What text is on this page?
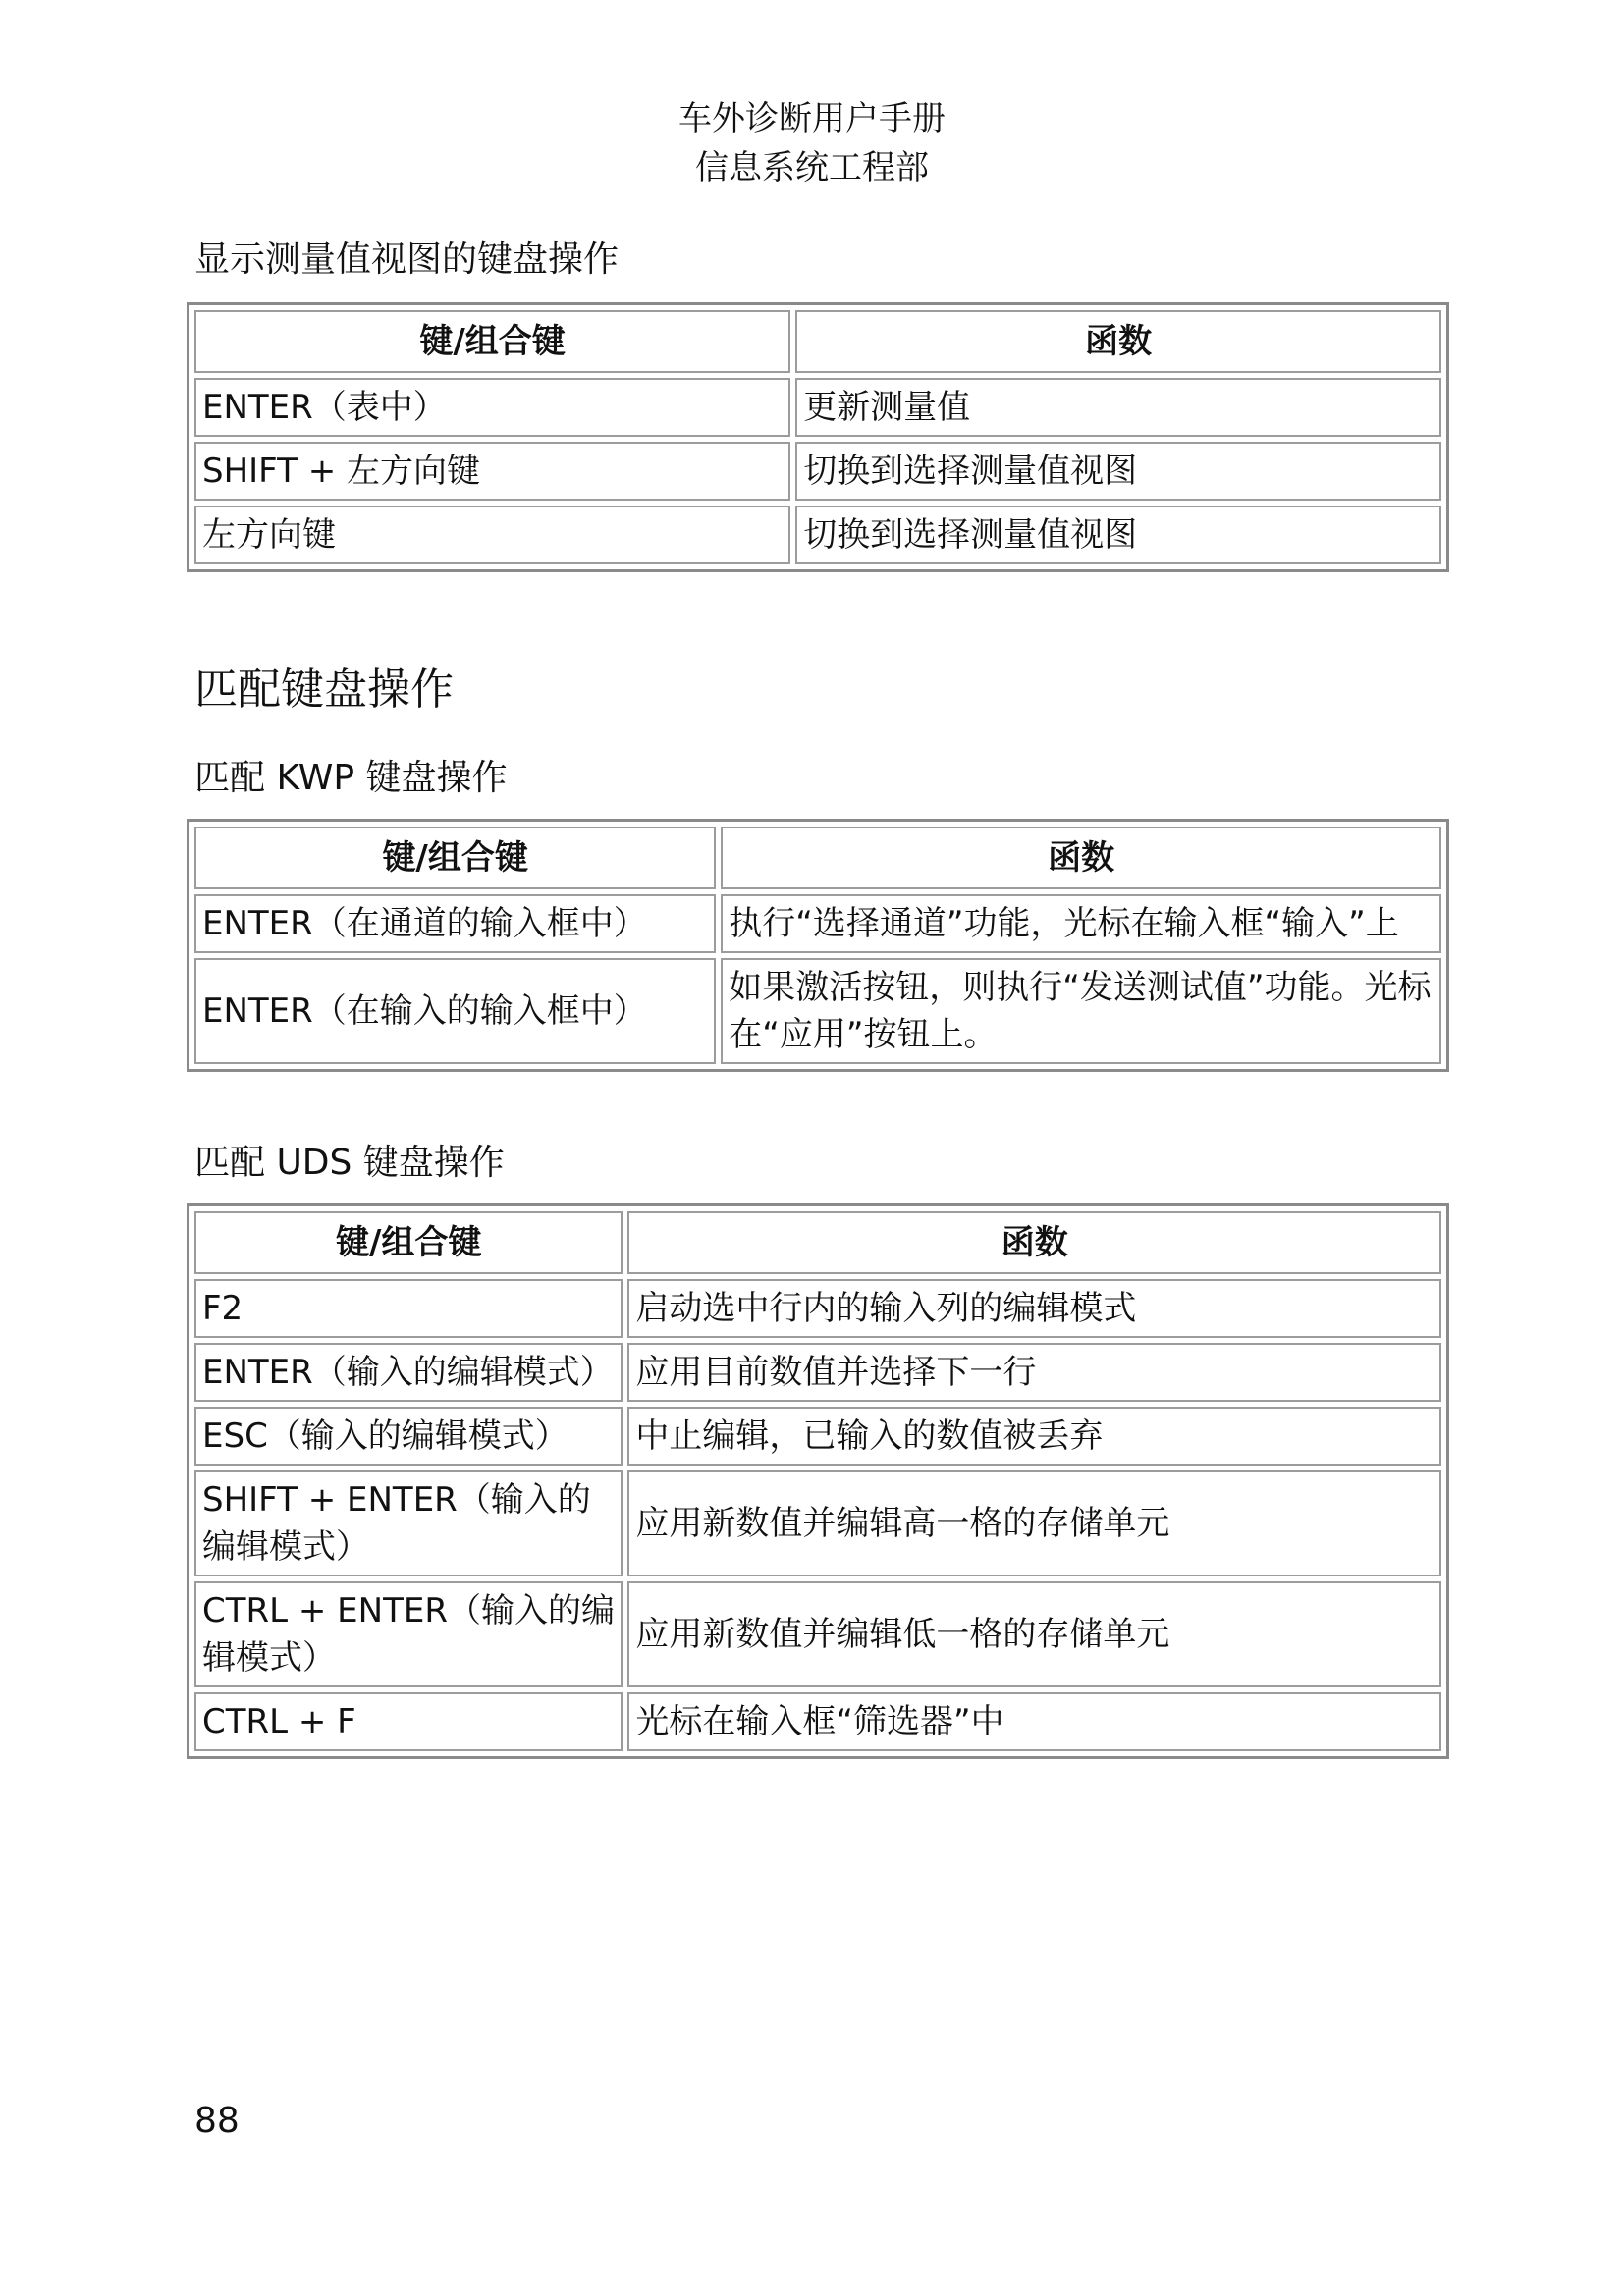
车外诊断用户手册
信息系统工程部
显示测量值视图的键盘操作
键/组合键	函数
ENTER（表中）	更新测量值
SHIFT + 左方向键	切换到选择测量值视图
左方向键	切换到选择测量值视图
匹配键盘操作
匹配 KWP 键盘操作
键/组合键	函数
ENTER（在通道的输入框中）	执行“选择通道”功能，光标在输入框“输入”上
ENTER（在输入的输入框中）	如果激活按钮，则执行“发送测试值”功能。光标在“应用”按钮上。
匹配 UDS 键盘操作
键/组合键	函数
F2	启动选中行内的输入列的编辑模式
ENTER（输入的编辑模式）	应用目前数值并选择下一行
ESC（输入的编辑模式）	中止编辑，已输入的数值被丢弃
SHIFT + ENTER（输入的编辑模式）	应用新数值并编辑高一格的存储单元
CTRL + ENTER（输入的编辑模式）	应用新数值并编辑低一格的存储单元
CTRL + F	光标在输入框“筛选器”中
88
